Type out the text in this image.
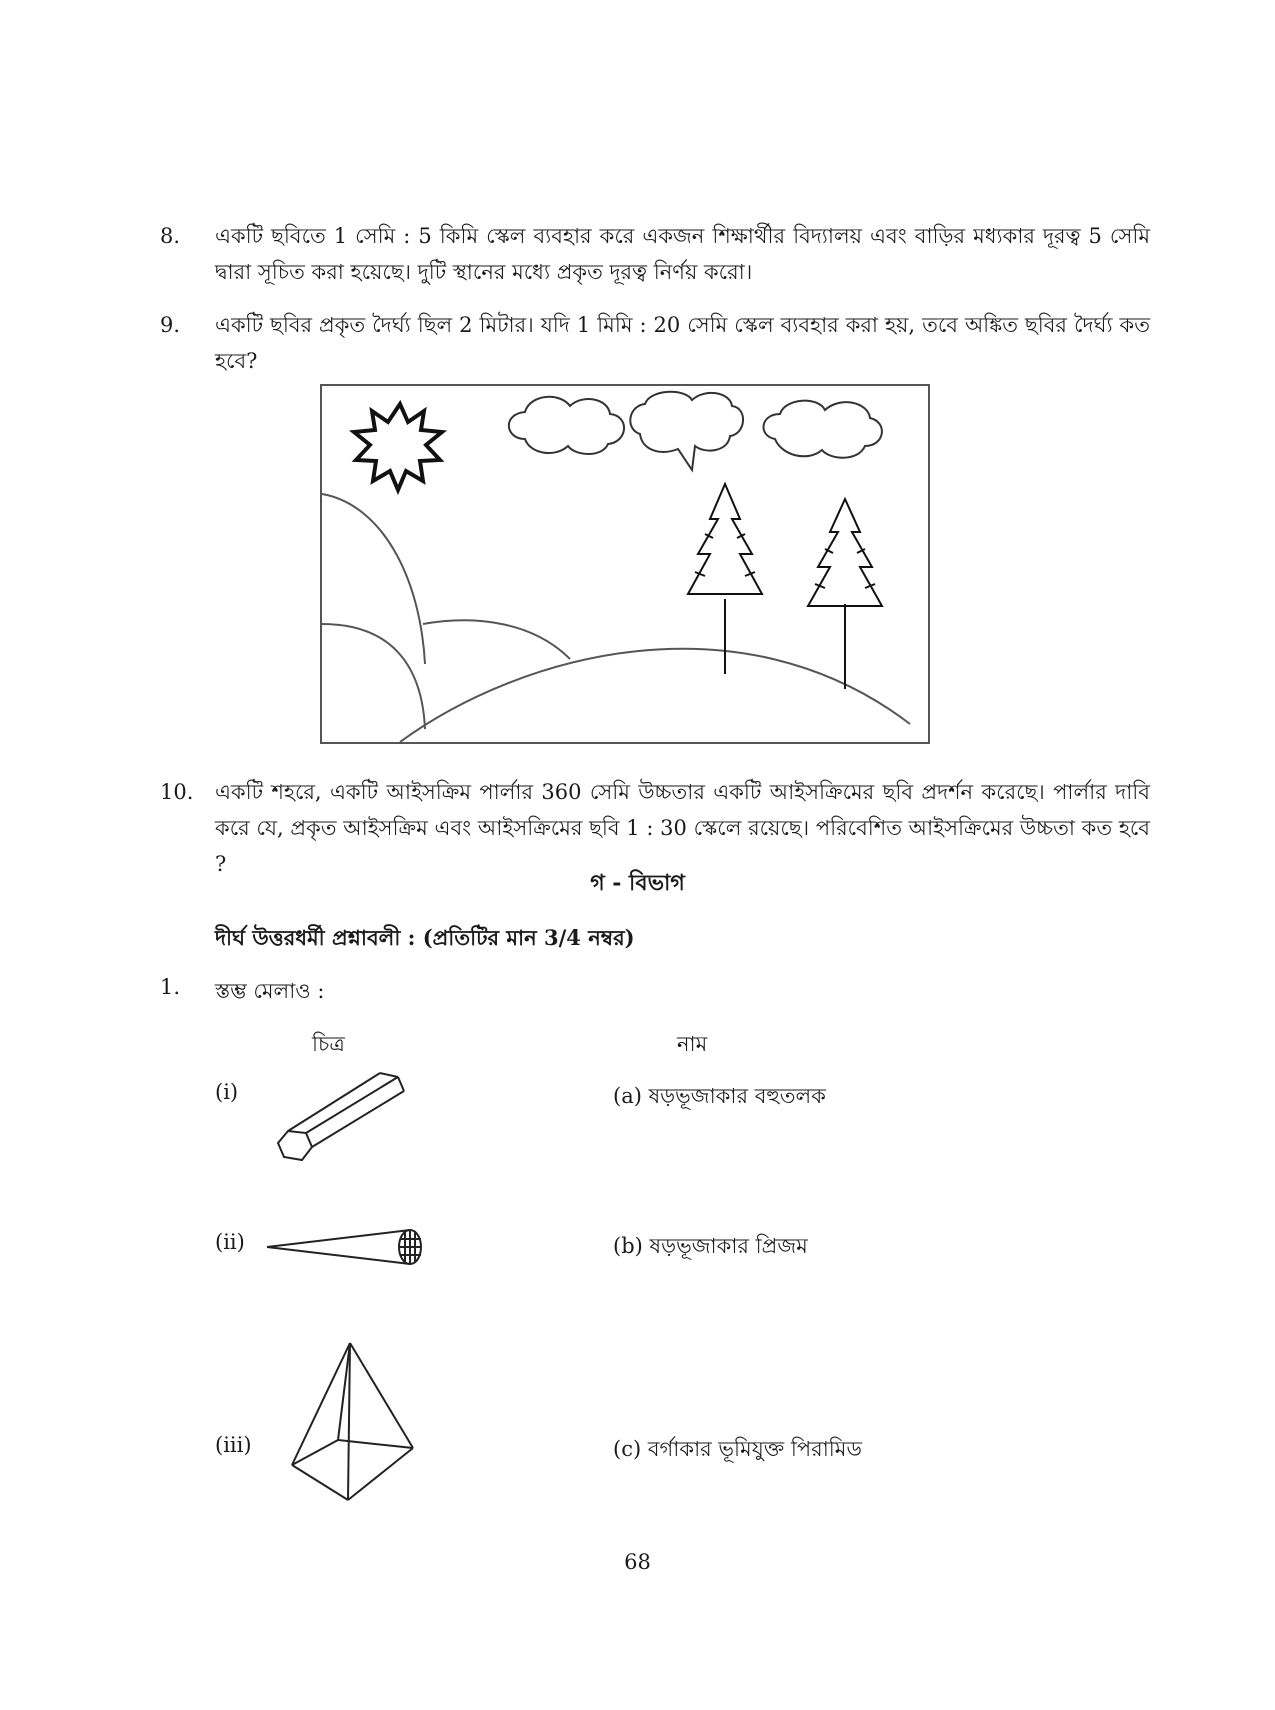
8. একটি ছবিতে 1 সেমি : 5 কিমি স্কেল ব্যবহার করে একজন শিক্ষার্থীর বিদ্যালয় এবং বাড়ির মধ্যকার দূরত্ব 5 সেমি দ্বারা সূচিত করা হয়েছে। দুটি স্থানের মধ্যে প্রকৃত দূরত্ব নির্ণয় করো।
9. একটি ছবির প্রকৃত দৈর্ঘ্য ছিল 2 মিটার। যদি 1 মিমি : 20 সেমি স্কেল ব্যবহার করা হয়, তবে অঙ্কিত ছবির দৈর্ঘ্য কত হবে?
10. একটি শহরে, একটি আইসক্রিম পার্লার 360 সেমি উচ্চতার একটি আইসক্রিমের ছবি প্রদর্শন করেছে। পার্লার দাবি করে যে, প্রকৃত আইসক্রিম এবং আইসক্রিমের ছবি 1 : 30 স্কেলে রয়েছে। পরিবেশিত আইসক্রিমের উচ্চতা কত হবে ?
গ - বিভাগ
দীর্ঘ উত্তরধর্মী প্রশ্নাবলী : (প্রতিটির মান 3/4 নম্বর)
1. স্তম্ভ মেলাও :
চিত্র	নাম
(i)
(ii)
(iii)
(a) ষড়ভূজাকার বহুতলক
(b) ষড়ভূজাকার প্রিজম
(c) বর্গাকার ভূমিযুক্ত পিরামিড
68
